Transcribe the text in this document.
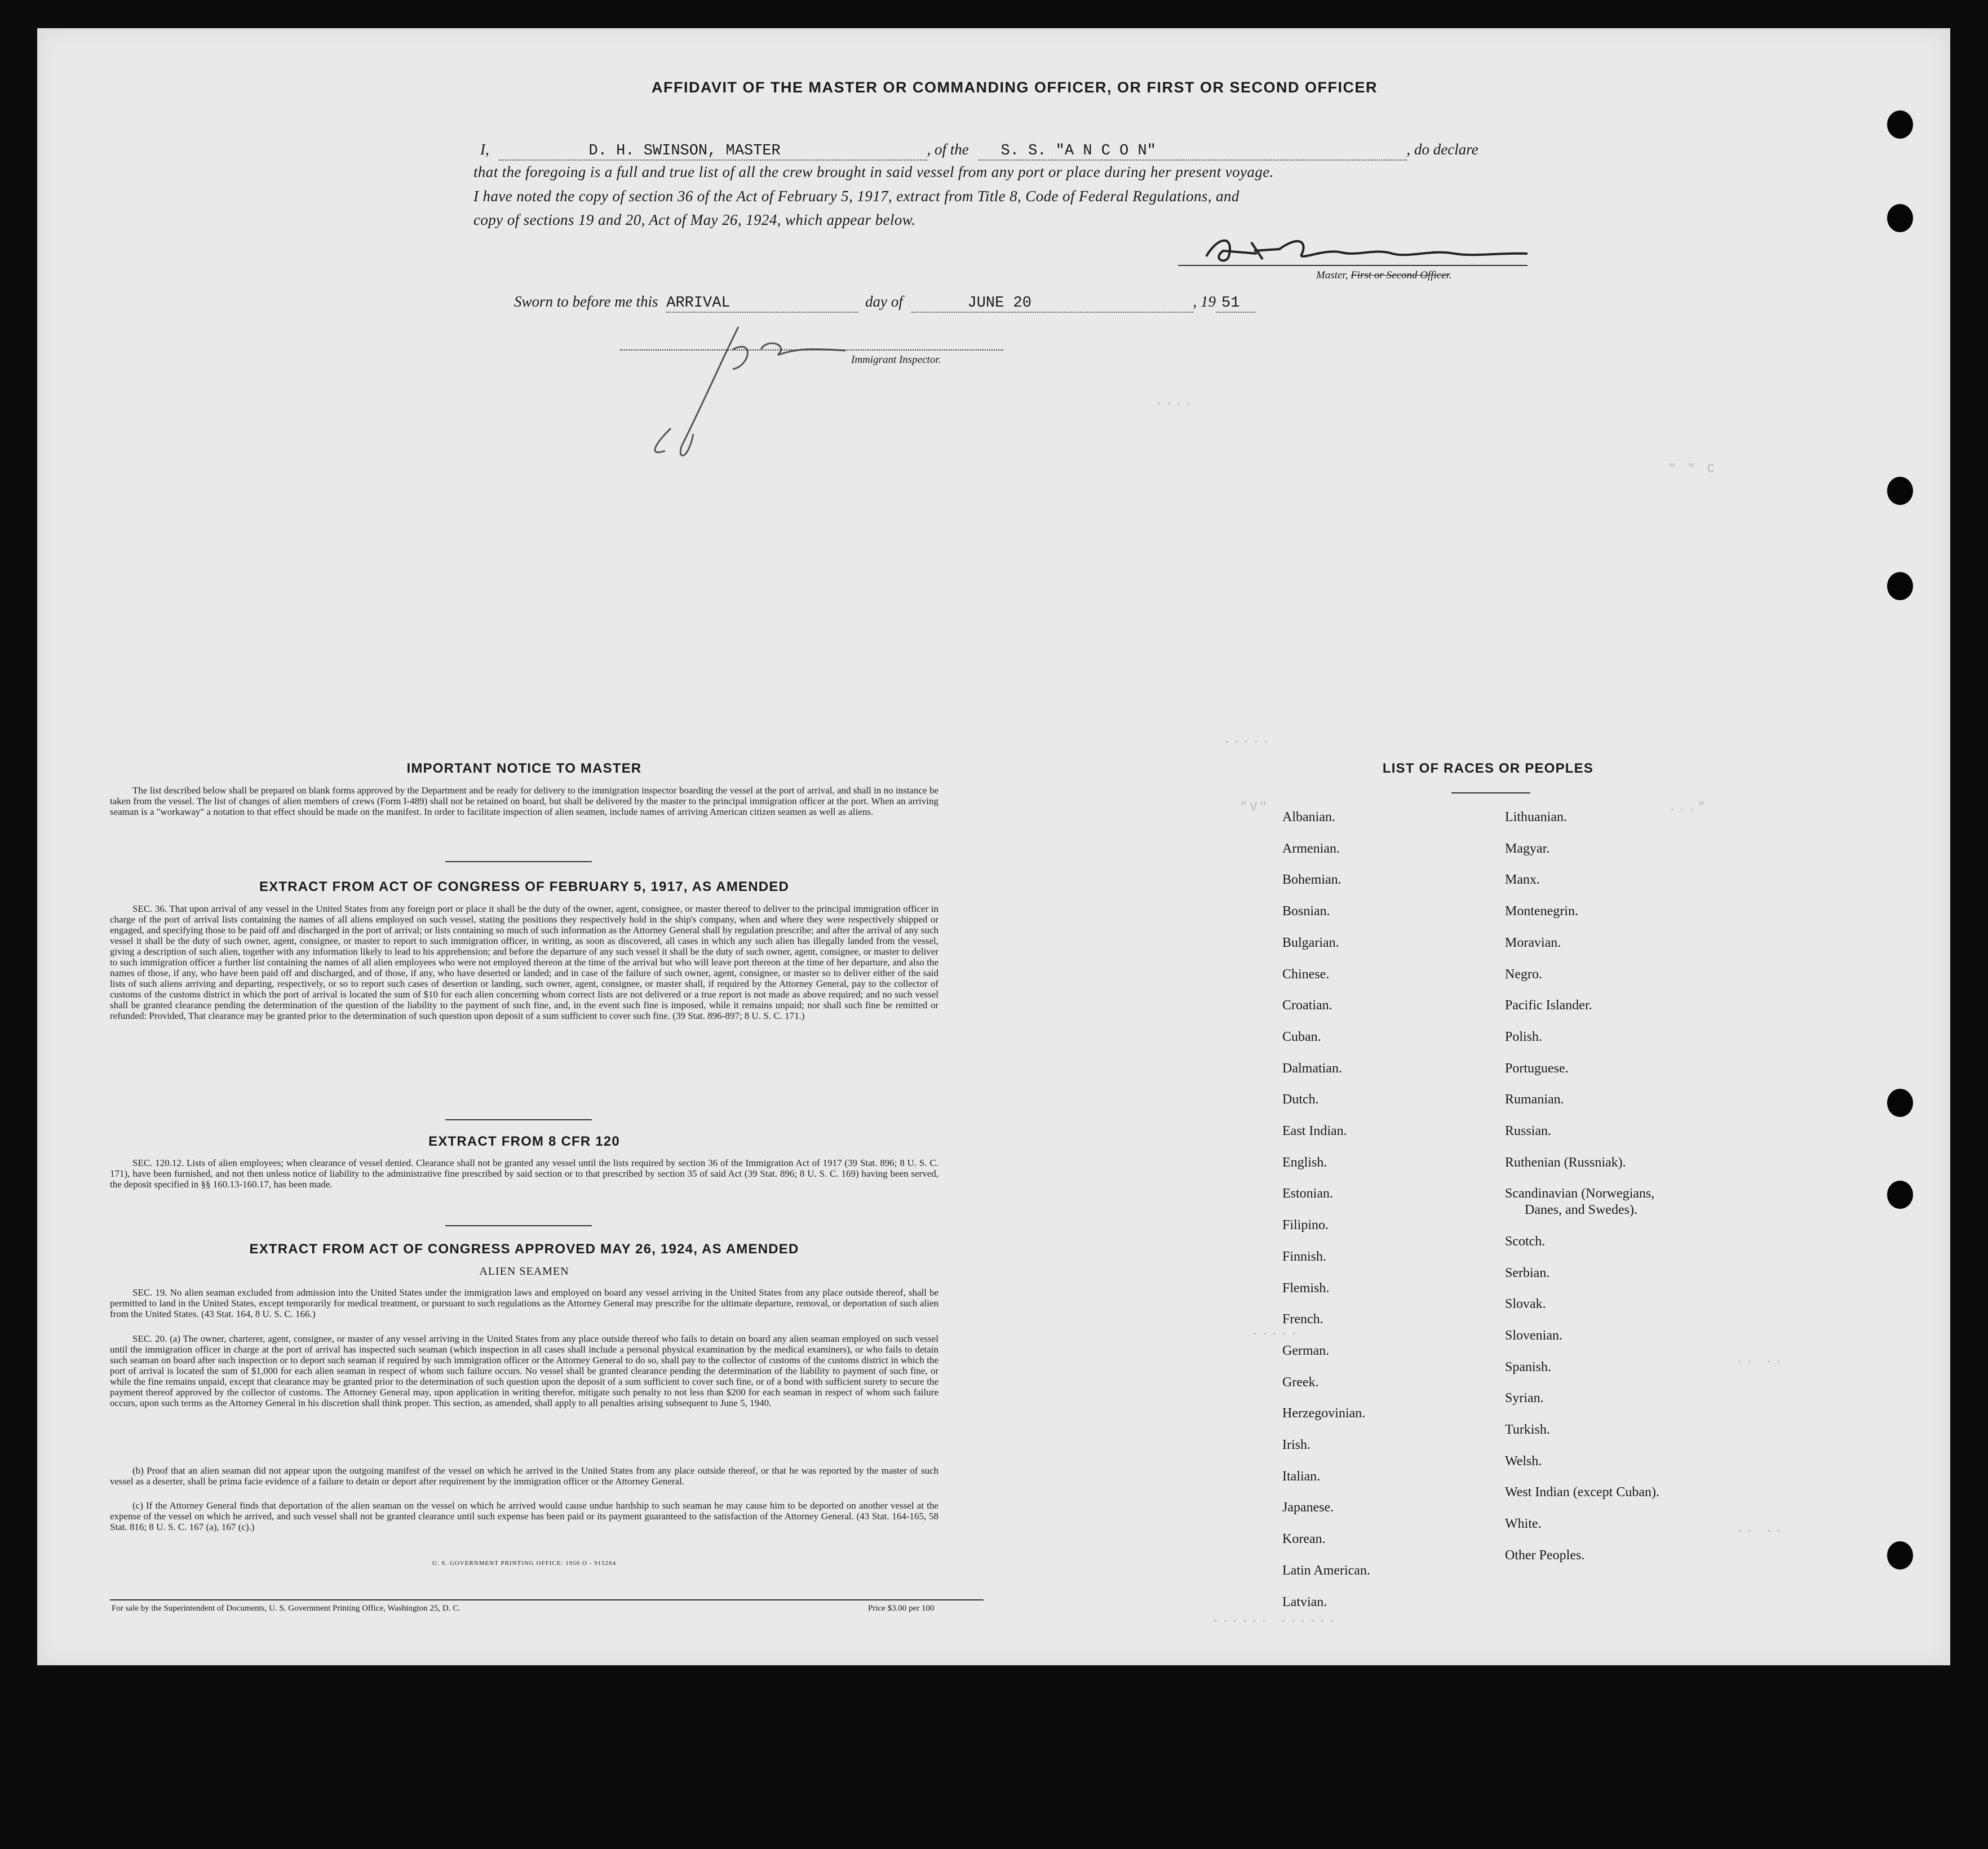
AFFIDAVIT OF THE MASTER OR COMMANDING OFFICER, OR FIRST OR SECOND OFFICER
I,	D. H. SWINSON, MASTER	, of the S. S. "A N C O N"	, do declare
that the foregoing is a full and true list of all the crew brought in said vessel from any port or place during her present voyage.
I have noted the copy of section 36 of the Act of February 5, 1917, extract from Title 8, Code of Federal Regulations, and
copy of sections 19 and 20, Act of May 26, 1924, which appear below.
Master, First or Second Officer.
Sworn to before me this ARRIVAL	day of	JUNE 20	, 19 51
Immigrant Inspector.
....
" " C
.....
"V"	..."
.....
.. ..
.. ..
...... ......
IMPORTANT NOTICE TO MASTER
The list described below shall be prepared on blank forms approved by the Department and be ready for delivery to the immigration inspector boarding the vessel at the port of arrival, and shall in no instance be taken from the vessel. The list of changes of alien members of crews (Form I-489) shall not be retained on board, but shall be delivered by the master to the principal immigration officer at the port. When an arriving seaman is a "workaway" a notation to that effect should be made on the manifest. In order to facilitate inspection of alien seamen, include names of arriving American citizen seamen as well as aliens.
EXTRACT FROM ACT OF CONGRESS OF FEBRUARY 5, 1917, AS AMENDED
SEC. 36. That upon arrival of any vessel in the United States from any foreign port or place it shall be the duty of the owner, agent, consignee, or master thereof to deliver to the principal immigration officer in charge of the port of arrival lists containing the names of all aliens employed on such vessel, stating the positions they respectively hold in the ship's company, when and where they were respectively shipped or engaged, and specifying those to be paid off and discharged in the port of arrival; or lists containing so much of such information as the Attorney General shall by regulation prescribe; and after the arrival of any such vessel it shall be the duty of such owner, agent, consignee, or master to report to such immigration officer, in writing, as soon as discovered, all cases in which any such alien has illegally landed from the vessel, giving a description of such alien, together with any information likely to lead to his apprehension; and before the departure of any such vessel it shall be the duty of such owner, agent, consignee, or master to deliver to such immigration officer a further list containing the names of all alien employees who were not employed thereon at the time of the arrival but who will leave port thereon at the time of her departure, and also the names of those, if any, who have been paid off and discharged, and of those, if any, who have deserted or landed; and in case of the failure of such owner, agent, consignee, or master so to deliver either of the said lists of such aliens arriving and departing, respectively, or so to report such cases of desertion or landing, such owner, agent, consignee, or master shall, if required by the Attorney General, pay to the collector of customs of the customs district in which the port of arrival is located the sum of $10 for each alien concerning whom correct lists are not delivered or a true report is not made as above required; and no such vessel shall be granted clearance pending the determination of the question of the liability to the payment of such fine, and, in the event such fine is imposed, while it remains unpaid; nor shall such fine be remitted or refunded: Provided, That clearance may be granted prior to the determination of such question upon deposit of a sum sufficient to cover such fine. (39 Stat. 896-897; 8 U. S. C. 171.)
EXTRACT FROM 8 CFR 120
SEC. 120.12. Lists of alien employees; when clearance of vessel denied. Clearance shall not be granted any vessel until the lists required by section 36 of the Immigration Act of 1917 (39 Stat. 896; 8 U. S. C. 171), have been furnished, and not then unless notice of liability to the administrative fine prescribed by said section or to that prescribed by section 35 of said Act (39 Stat. 896; 8 U. S. C. 169) having been served, the deposit specified in §§ 160.13-160.17, has been made.
EXTRACT FROM ACT OF CONGRESS APPROVED MAY 26, 1924, AS AMENDED
ALIEN SEAMEN
SEC. 19. No alien seaman excluded from admission into the United States under the immigration laws and employed on board any vessel arriving in the United States from any place outside thereof, shall be permitted to land in the United States, except temporarily for medical treatment, or pursuant to such regulations as the Attorney General may prescribe for the ultimate departure, removal, or deportation of such alien from the United States. (43 Stat. 164, 8 U. S. C. 166.)
SEC. 20. (a) The owner, charterer, agent, consignee, or master of any vessel arriving in the United States from any place outside thereof who fails to detain on board any alien seaman employed on such vessel until the immigration officer in charge at the port of arrival has inspected such seaman (which inspection in all cases shall include a personal physical examination by the medical examiners), or who fails to detain such seaman on board after such inspection or to deport such seaman if required by such immigration officer or the Attorney General to do so, shall pay to the collector of customs of the customs district in which the port of arrival is located the sum of $1,000 for each alien seaman in respect of whom such failure occurs. No vessel shall be granted clearance pending the determination of the liability to payment of such fine, or while the fine remains unpaid, except that clearance may be granted prior to the determination of such question upon the deposit of a sum sufficient to cover such fine, or of a bond with sufficient surety to secure the payment thereof approved by the collector of customs. The Attorney General may, upon application in writing therefor, mitigate such penalty to not less than $200 for each seaman in respect of whom such failure occurs, upon such terms as the Attorney General in his discretion shall think proper. This section, as amended, shall apply to all penalties arising subsequent to June 5, 1940.
(b) Proof that an alien seaman did not appear upon the outgoing manifest of the vessel on which he arrived in the United States from any place outside thereof, or that he was reported by the master of such vessel as a deserter, shall be prima facie evidence of a failure to detain or deport after requirement by the immigration officer or the Attorney General.
(c) If the Attorney General finds that deportation of the alien seaman on the vessel on which he arrived would cause undue hardship to such seaman he may cause him to be deported on another vessel at the expense of the vessel on which he arrived, and such vessel shall not be granted clearance until such expense has been paid or its payment guaranteed to the satisfaction of the Attorney General. (43 Stat. 164-165, 58 Stat. 816; 8 U. S. C. 167 (a), 167 (c).)
U. S. GOVERNMENT PRINTING OFFICE: 1950 O - 915264
For sale by the Superintendent of Documents, U. S. Government Printing Office, Washington 25, D. C.	Price $3.00 per 100
LIST OF RACES OR PEOPLES
Albanian.
Armenian.
Bohemian.
Bosnian.
Bulgarian.
Chinese.
Croatian.
Cuban.
Dalmatian.
Dutch.
East Indian.
English.
Estonian.
Filipino.
Finnish.
Flemish.
French.
German.
Greek.
Herzegovinian.
Irish.
Italian.
Japanese.
Korean.
Latin American.
Latvian.
Lithuanian.
Magyar.
Manx.
Montenegrin.
Moravian.
Negro.
Pacific Islander.
Polish.
Portuguese.
Rumanian.
Russian.
Ruthenian (Russniak).
Scandinavian (Norwegians,
Danes, and Swedes).
Scotch.
Serbian.
Slovak.
Slovenian.
Spanish.
Syrian.
Turkish.
Welsh.
West Indian (except Cuban).
White.
Other Peoples.
